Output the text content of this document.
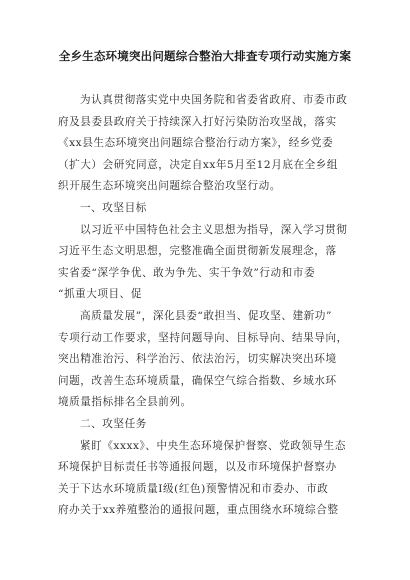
全乡生态环境突出问题综合整治大排查专项行动实施方案
为认真贯彻落实党中央国务院和省委省政府、市委市政
府及县委县政府关于持续深入打好污染防治攻坚战，落实
《xx县生态环境突出问题综合整治行动方案》，经乡党委
（扩大）会研究同意，决定自xx年5月至12月底在全乡组
织开展生态环境突出问题综合整治攻坚行动。
一、攻坚目标
以习近平中国特色社会主义思想为指导，深入学习贯彻
习近平生态文明思想，完整准确全面贯彻新发展理念，落
实省委“深学争优、敢为争先、实干争效”行动和市委
“抓重大项目、促
高质量发展”，深化县委“敢担当、促攻坚、建新功”
专项行动工作要求，坚持问题导向、目标导向、结果导向，
突出精准治污、科学治污、依法治污，切实解决突出环境
问题，改善生态环境质量，确保空气综合指数、乡域水环
境质量指标排名全县前列。
二、攻坚任务
紧盯《xxxx》、中央生态环境保护督察、党政领导生态
环境保护目标责任书等通报问题，以及市环境保护督察办
关于下达水环境质量Ⅰ级(红色)预警情况和市委办、市政
府办关于xx养殖整治的通报问题，重点围绕水环境综合整
